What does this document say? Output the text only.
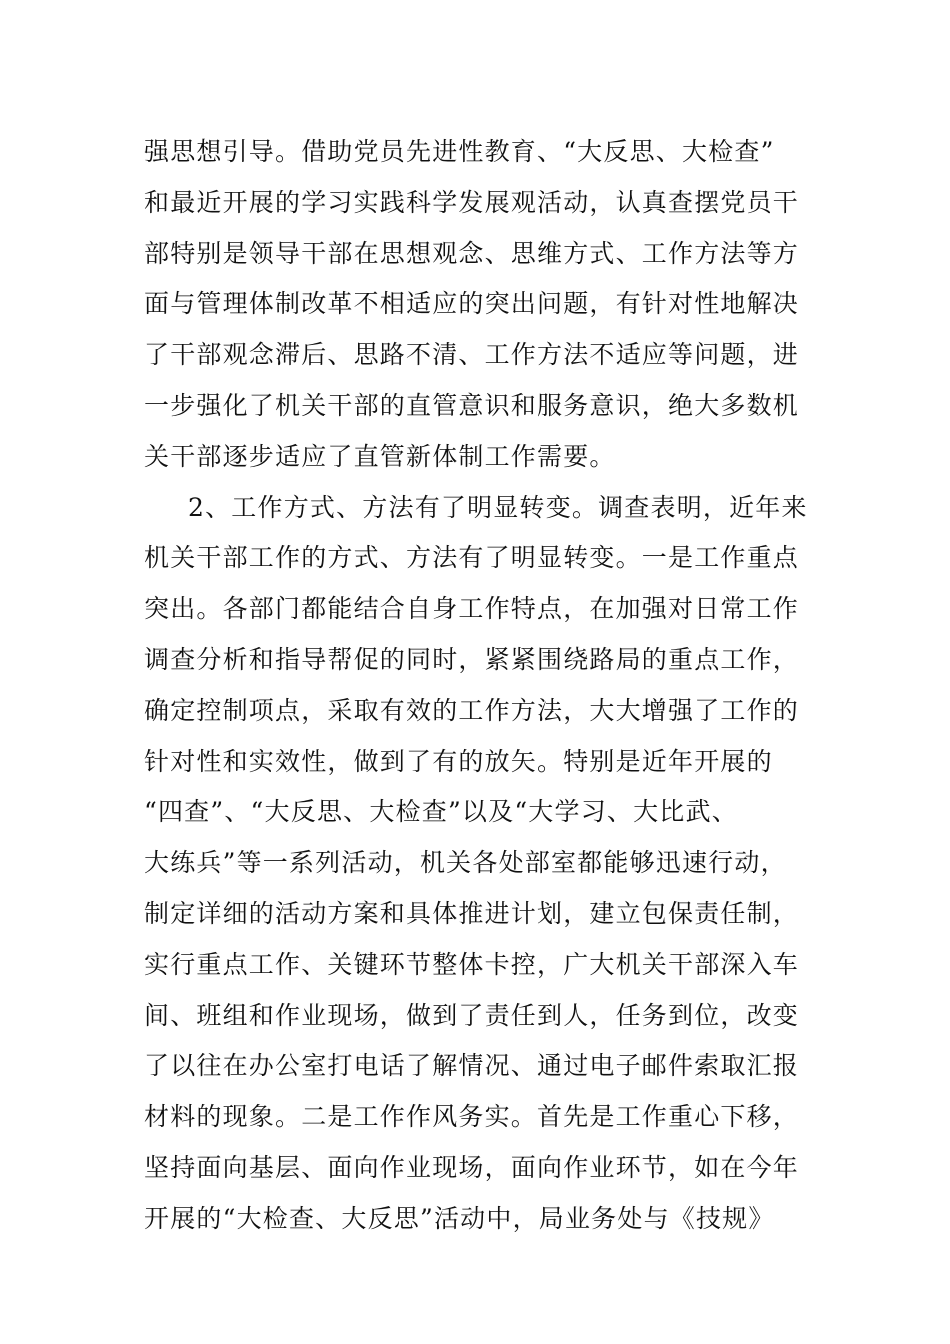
强思想引导。借助党员先进性教育、“大反思、大检查”
和最近开展的学习实践科学发展观活动，认真查摆党员干
部特别是领导干部在思想观念、思维方式、工作方法等方
面与管理体制改革不相适应的突出问题，有针对性地解决
了干部观念滞后、思路不清、工作方法不适应等问题，进
一步强化了机关干部的直管意识和服务意识，绝大多数机
关干部逐步适应了直管新体制工作需要。
2、工作方式、方法有了明显转变。调查表明，近年来
机关干部工作的方式、方法有了明显转变。一是工作重点
突出。各部门都能结合自身工作特点，在加强对日常工作
调查分析和指导帮促的同时，紧紧围绕路局的重点工作，
确定控制项点，采取有效的工作方法，大大增强了工作的
针对性和实效性，做到了有的放矢。特别是近年开展的
“四查”、“大反思、大检查”以及“大学习、大比武、
大练兵”等一系列活动，机关各处部室都能够迅速行动，
制定详细的活动方案和具体推进计划，建立包保责任制，
实行重点工作、关键环节整体卡控，广大机关干部深入车
间、班组和作业现场，做到了责任到人，任务到位，改变
了以往在办公室打电话了解情况、通过电子邮件索取汇报
材料的现象。二是工作作风务实。首先是工作重心下移，
坚持面向基层、面向作业现场，面向作业环节，如在今年
开展的“大检查、大反思”活动中，局业务处与《技规》
